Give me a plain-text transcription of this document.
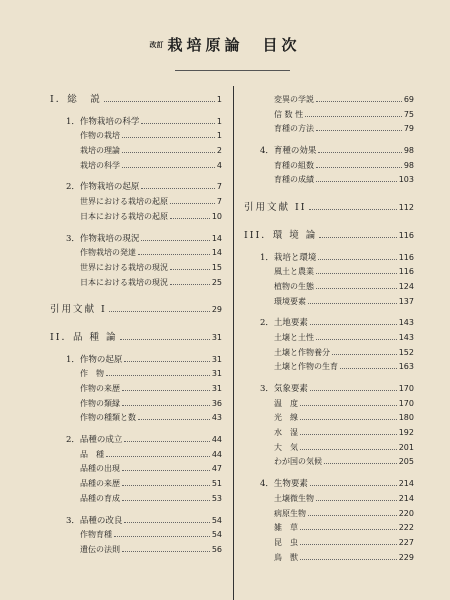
改訂 栽培原論　目次
I．総　説	1
1．作物栽培の科学	1
作物の栽培	1
栽培の理論	2
栽培の科学	4
2．作物栽培の起原	7
世界における栽培の起原	7
日本における栽培の起原	10
3．作物栽培の現況	14
作物栽培の発達	14
世界における栽培の現況	15
日本における栽培の現況	25
引用文献 I	29
II．品 種 論	31
1．作物の起原	31
作　物	31
作物の来歴	31
作物の類縁	36
作物の種類と数	43
2．品種の成立	44
品　種	44
品種の出現	47
品種の来歴	51
品種の育成	53
3．品種の改良	54
作物育種	54
遺伝の法則	56
変異の学説	69
信 数 性	75
育種の方法	79
4．育種の効果	98
育種の組数	98
育種の成績	103
引用文献 II	112
III．環 境 論	116
1．栽培と環境	116
風土と農業	116
植物の生態	124
環境要素	137
2．土地要素	143
土壌と土性	143
土壌と作物養分	152
土壌と作物の生育	163
3．気象要素	170
温　度	170
光　線	180
水　湿	192
大　気	201
わが国の気候	205
4．生物要素	214
土壌微生物	214
病原生物	220
雑　草	222
昆　虫	227
鳥　獣	229
